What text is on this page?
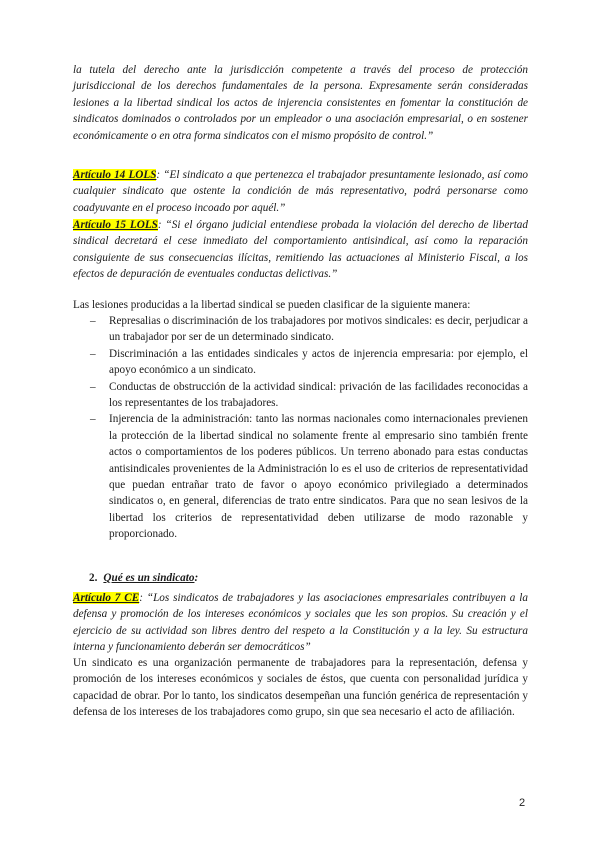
la tutela del derecho ante la jurisdicción competente a través del proceso de protección jurisdiccional de los derechos fundamentales de la persona. Expresamente serán consideradas lesiones a la libertad sindical los actos de injerencia consistentes en fomentar la constitución de sindicatos dominados o controlados por un empleador o una asociación empresarial, o en sostener económicamente o en otra forma sindicatos con el mismo propósito de control.”

Artículo 14 LOLS: “El sindicato a que pertenezca el trabajador presuntamente lesionado, así como cualquier sindicato que ostente la condición de más representativo, podrá personarse como coadyuvante en el proceso incoado por aquél.”

Artículo 15 LOLS: “Si el órgano judicial entendiese probada la violación del derecho de libertad sindical decretará el cese inmediato del comportamiento antisindical, así como la reparación consiguiente de sus consecuencias ilícitas, remitiendo las actuaciones al Ministerio Fiscal, a los efectos de depuración de eventuales conductas delictivas.”

Las lesiones producidas a la libertad sindical se pueden clasificar de la siguiente manera:

– Represalias o discriminación de los trabajadores por motivos sindicales: es decir, perjudicar a un trabajador por ser de un determinado sindicato.
– Discriminación a las entidades sindicales y actos de injerencia empresaria: por ejemplo, el apoyo económico a un sindicato.
– Conductas de obstrucción de la actividad sindical: privación de las facilidades reconocidas a los representantes de los trabajadores.
– Injerencia de la administración: tanto las normas nacionales como internacionales previenen la protección de la libertad sindical no solamente frente al empresario sino también frente actos o comportamientos de los poderes públicos. Un terreno abonado para estas conductas antisindicales provenientes de la Administración lo es el uso de criterios de representatividad que puedan entrañar trato de favor o apoyo económico privilegiado a determinados sindicatos o, en general, diferencias de trato entre sindicatos. Para que no sean lesivos de la libertad los criterios de representatividad deben utilizarse de modo razonable y proporcionado.
2. Qué es un sindicato:

Artículo 7 CE: “Los sindicatos de trabajadores y las asociaciones empresariales contribuyen a la defensa y promoción de los intereses económicos y sociales que les son propios. Su creación y el ejercicio de su actividad son libres dentro del respeto a la Constitución y a la ley. Su estructura interna y funcionamiento deberán ser democráticos”

Un sindicato es una organización permanente de trabajadores para la representación, defensa y promoción de los intereses económicos y sociales de éstos, que cuenta con personalidad jurídica y capacidad de obrar. Por lo tanto, los sindicatos desempeñan una función genérica de representación y defensa de los intereses de los trabajadores como grupo, sin que sea necesario el acto de afiliación.

2
